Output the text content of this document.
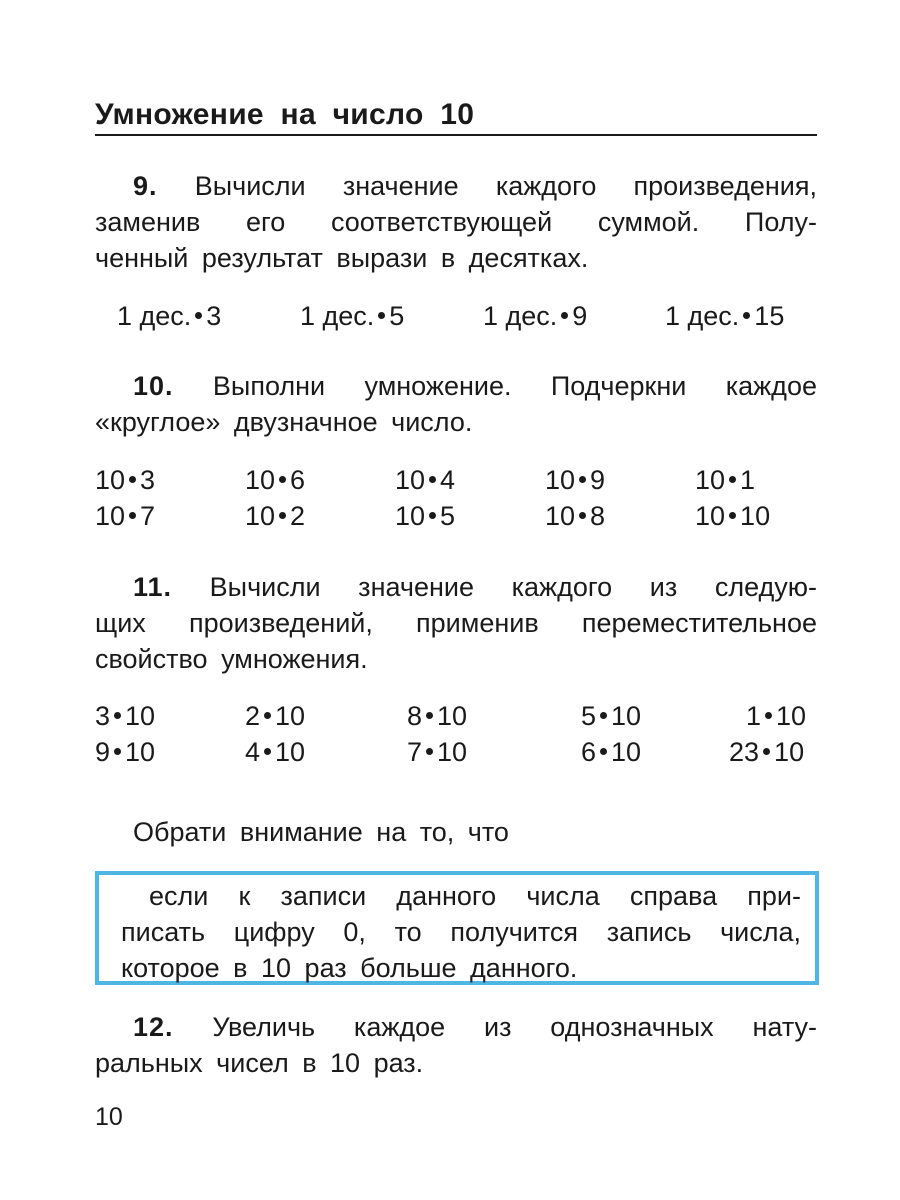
Умножение на число 10
9. Вычисли значение каждого произведения,
заменив его соответствующей суммой. Полу-
ченный результат вырази в десятках.
1 дес. 3	1 дес. 5	1 дес. 9	1 дес. 15
10. Выполни умножение. Подчеркни каждое
«круглое» двузначное число.
10 3	10 6	10 4	10 9	10 1
10 7	10 2	10 5	10 8	10 10
11. Вычисли значение каждого из следую-
щих произведений, применив переместительное
свойство умножения.
3 10	2 10	8 10	5 10	1 10
9 10	4 10	7 10	6 10	23 10
Обрати внимание на то, что
если к записи данного числа справа при-
писать цифру 0, то получится запись числа,
которое в 10 раз больше данного.
12. Увеличь каждое из однозначных нату-
ральных чисел в 10 раз.
10
